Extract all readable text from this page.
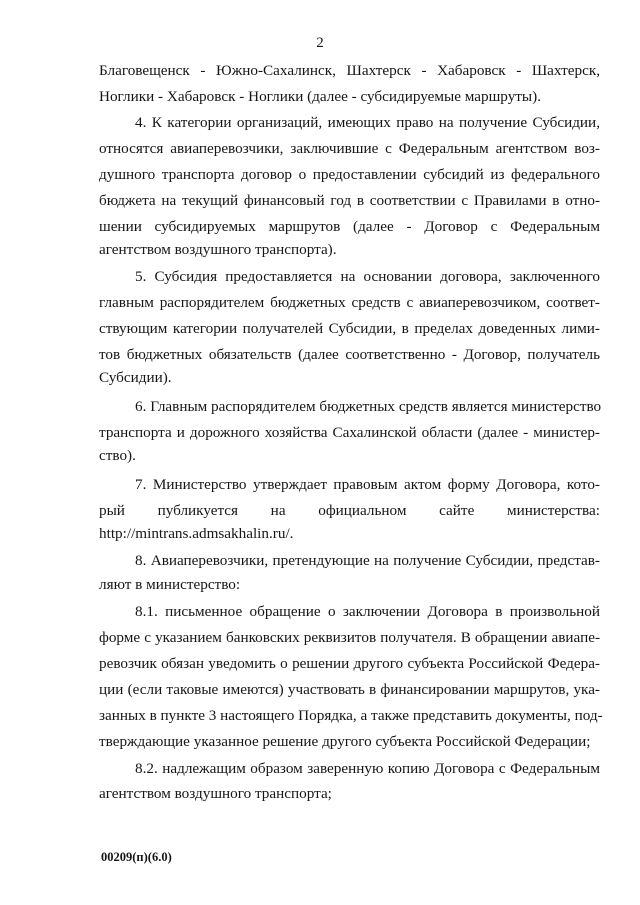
2
Благовещенск - Южно-Сахалинск, Шахтерск - Хабаровск - Шахтерск,
Ноглики - Хабаровск - Ноглики (далее - субсидируемые маршруты).
4. К категории организаций, имеющих право на получение Субсидии,
относятся авиаперевозчики, заключившие с Федеральным агентством воз-
душного транспорта договор о предоставлении субсидий из федерального
бюджета на текущий финансовый год в соответствии с Правилами в отно-
шении субсидируемых маршрутов (далее - Договор с Федеральным
агентством воздушного транспорта).
5. Субсидия предоставляется на основании договора, заключенного
главным распорядителем бюджетных средств с авиаперевозчиком, соответ-
ствующим категории получателей Субсидии, в пределах доведенных лими-
тов бюджетных обязательств (далее соответственно - Договор, получатель
Субсидии).
6. Главным распорядителем бюджетных средств является министерство
транспорта и дорожного хозяйства Сахалинской области (далее - министер-
ство).
7. Министерство утверждает правовым актом форму Договора, кото-
рый публикуется на официальном сайте министерства:
http://mintrans.admsakhalin.ru/.
8. Авиаперевозчики, претендующие на получение Субсидии, представ-
ляют в министерство:
8.1. письменное обращение о заключении Договора в произвольной
форме с указанием банковских реквизитов получателя. В обращении авиапе-
ревозчик обязан уведомить о решении другого субъекта Российской Федера-
ции (если таковые имеются) участвовать в финансировании маршрутов, ука-
занных в пункте 3 настоящего Порядка, а также представить документы, под-
тверждающие указанное решение другого субъекта Российской Федерации;
8.2. надлежащим образом заверенную копию Договора с Федеральным
агентством воздушного транспорта;
00209(п)(6.0)
